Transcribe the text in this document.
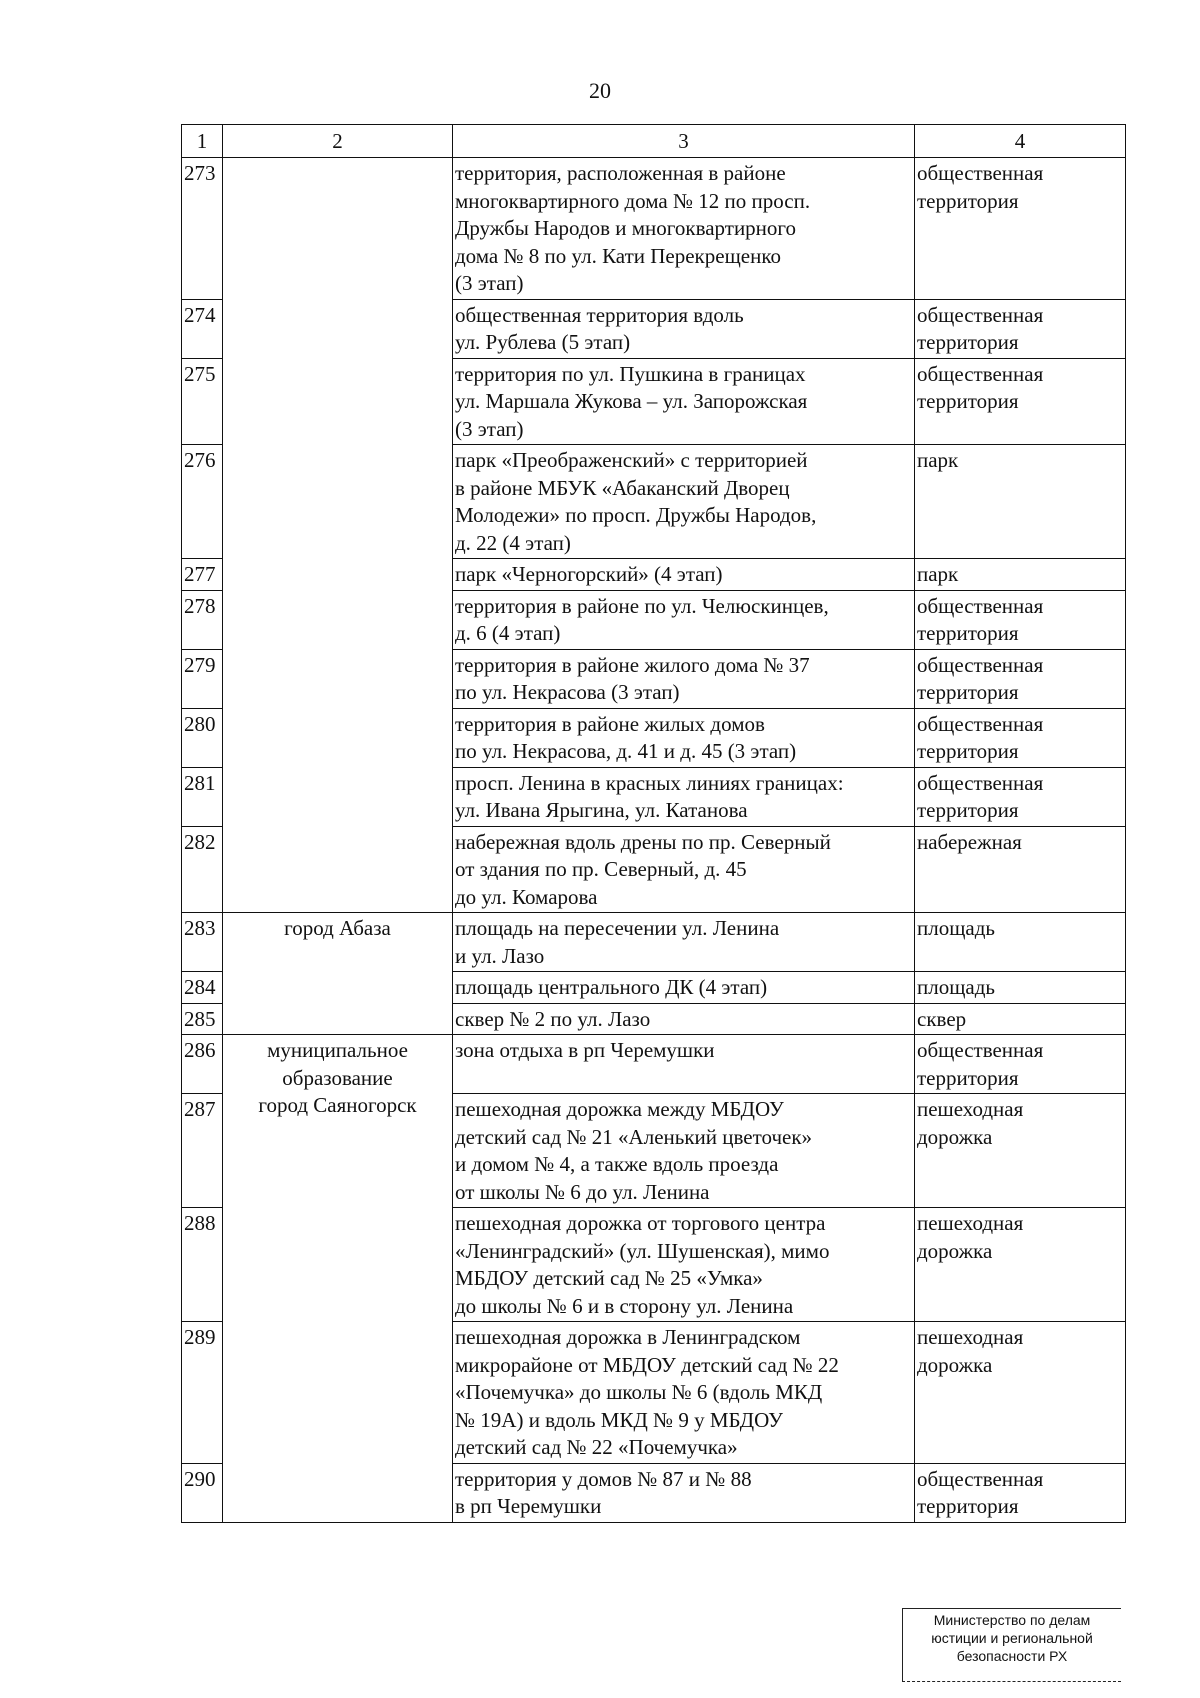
20
1	2	3	4
273		территория, расположенная в районе
многоквартирного дома № 12 по просп.
Дружбы Народов и многоквартирного
дома № 8 по ул. Кати Перекрещенко
(3 этап)	общественная
территория
274		общественная территория вдоль
ул. Рублева (5 этап)	общественная
территория
275		территория по ул. Пушкина в границах
ул. Маршала Жукова – ул. Запорожская
(3 этап)	общественная
территория
276		парк «Преображенский» с территорией
в районе МБУК «Абаканский Дворец
Молодежи» по просп. Дружбы Народов,
д. 22 (4 этап)	парк
277		парк «Черногорский» (4 этап)	парк
278		территория в районе по ул. Челюскинцев,
д. 6 (4 этап)	общественная
территория
279		территория в районе жилого дома № 37
по ул. Некрасова (3 этап)	общественная
территория
280		территория в районе жилых домов
по ул. Некрасова, д. 41 и д. 45 (3 этап)	общественная
территория
281		просп. Ленина в красных линиях границах:
ул. Ивана Ярыгина, ул. Катанова	общественная
территория
282		набережная вдоль дрены по пр. Северный
от здания по пр. Северный, д. 45
до ул. Комарова	набережная
283	город Абаза	площадь на пересечении ул. Ленина
и ул. Лазо	площадь
284		площадь центрального ДК (4 этап)	площадь
285		сквер № 2 по ул. Лазо	сквер
286	муниципальное
образование
город Саяногорск	зона отдыха в рп Черемушки	общественная
территория
287		пешеходная дорожка между МБДОУ
детский сад № 21 «Аленький цветочек»
и домом № 4, а также вдоль проезда
от школы № 6 до ул. Ленина	пешеходная
дорожка
288		пешеходная дорожка от торгового центра
«Ленинградский» (ул. Шушенская), мимо
МБДОУ детский сад № 25 «Умка»
до школы № 6 и в сторону ул. Ленина	пешеходная
дорожка
289		пешеходная дорожка в Ленинградском
микрорайоне от МБДОУ детский сад № 22
«Почемучка» до школы № 6 (вдоль МКД
№ 19А) и вдоль МКД № 9 у МБДОУ
детский сад № 22 «Почемучка»	пешеходная
дорожка
290		территория у домов № 87 и № 88
в рп Черемушки	общественная
территория
Министерство по делам
юстиции и региональной
безопасности РХ
